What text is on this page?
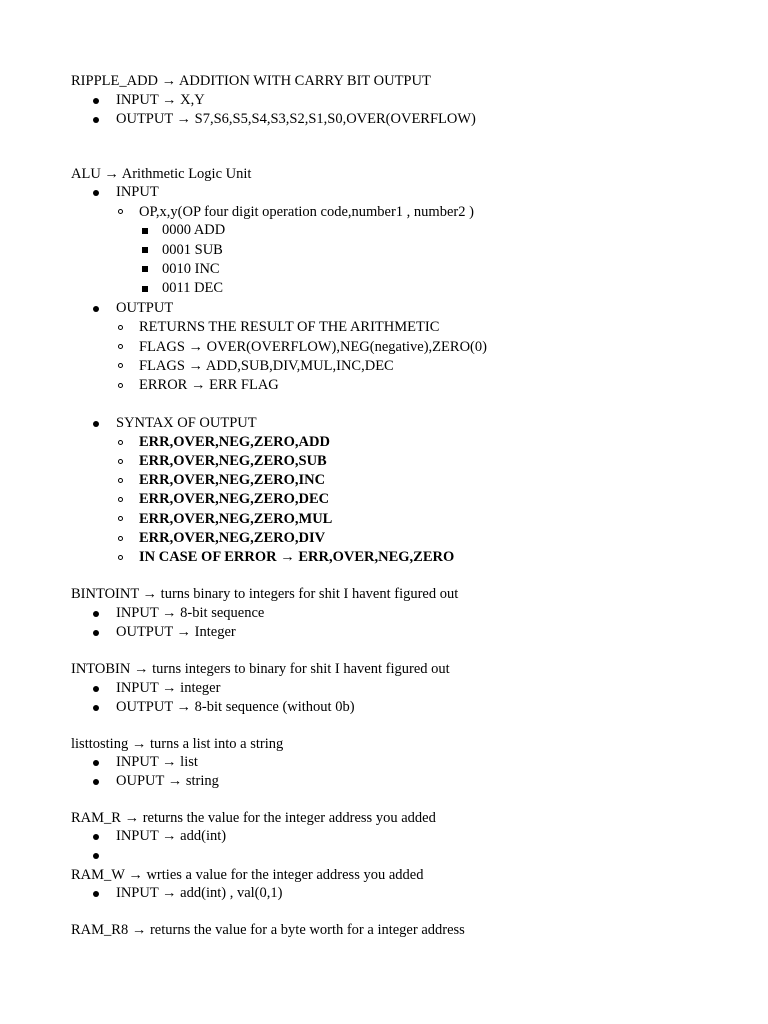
RIPPLE_ADD → ADDITION WITH CARRY BIT OUTPUT
INPUT → X,Y
OUTPUT → S7,S6,S5,S4,S3,S2,S1,S0,OVER(OVERFLOW)
ALU → Arithmetic Logic Unit
INPUT
OP,x,y(OP four digit operation code,number1 , number2 )
0000 ADD
0001 SUB
0010 INC
0011 DEC
OUTPUT
RETURNS THE RESULT OF THE ARITHMETIC
FLAGS → OVER(OVERFLOW),NEG(negative),ZERO(0)
FLAGS → ADD,SUB,DIV,MUL,INC,DEC
ERROR → ERR FLAG
SYNTAX OF OUTPUT
ERR,OVER,NEG,ZERO,ADD
ERR,OVER,NEG,ZERO,SUB
ERR,OVER,NEG,ZERO,INC
ERR,OVER,NEG,ZERO,DEC
ERR,OVER,NEG,ZERO,MUL
ERR,OVER,NEG,ZERO,DIV
IN CASE OF ERROR → ERR,OVER,NEG,ZERO
BINTOINT → turns binary to integers for shit I havent figured out
INPUT → 8-bit sequence
OUTPUT → Integer
INTOBIN → turns integers to binary for shit I havent figured out
INPUT → integer
OUTPUT → 8-bit sequence (without 0b)
listtosting → turns a list into a string
INPUT → list
OUPUT → string
RAM_R → returns the value for the integer address you added
INPUT → add(int)
RAM_W → wrties a value for the integer address you added
INPUT → add(int) , val(0,1)
RAM_R8 → returns the value for a byte worth for a integer address
